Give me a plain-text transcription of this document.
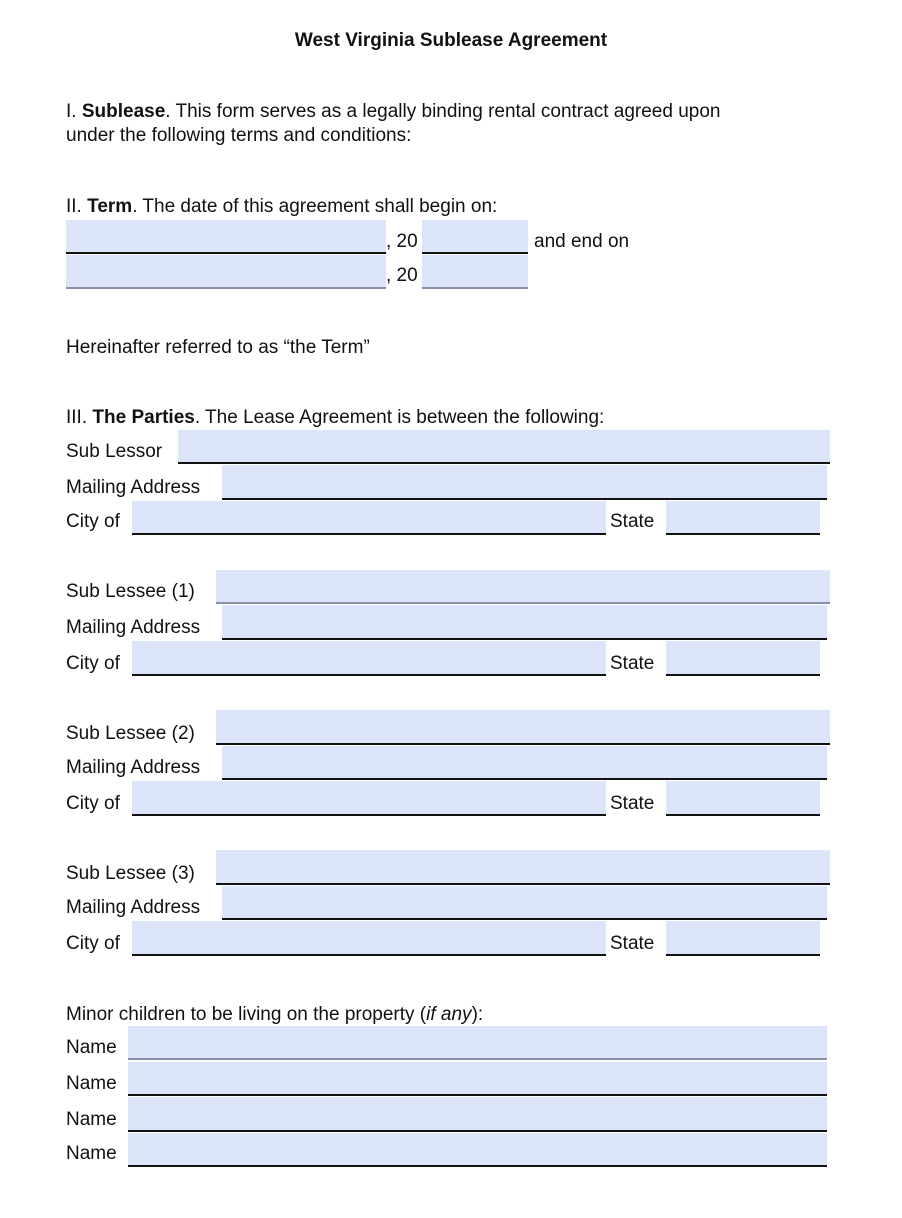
West Virginia Sublease Agreement
I. Sublease. This form serves as a legally binding rental contract agreed upon
under the following terms and conditions:
II. Term. The date of this agreement shall begin on:
, 20	and end on
, 20
Hereinafter referred to as “the Term”
III. The Parties. The Lease Agreement is between the following:
Sub Lessor
Mailing Address
City of	State
Sub Lessee (1)
Mailing Address
City of	State
Sub Lessee (2)
Mailing Address
City of	State
Sub Lessee (3)
Mailing Address
City of	State
Minor children to be living on the property (if any):
Name
Name
Name
Name
